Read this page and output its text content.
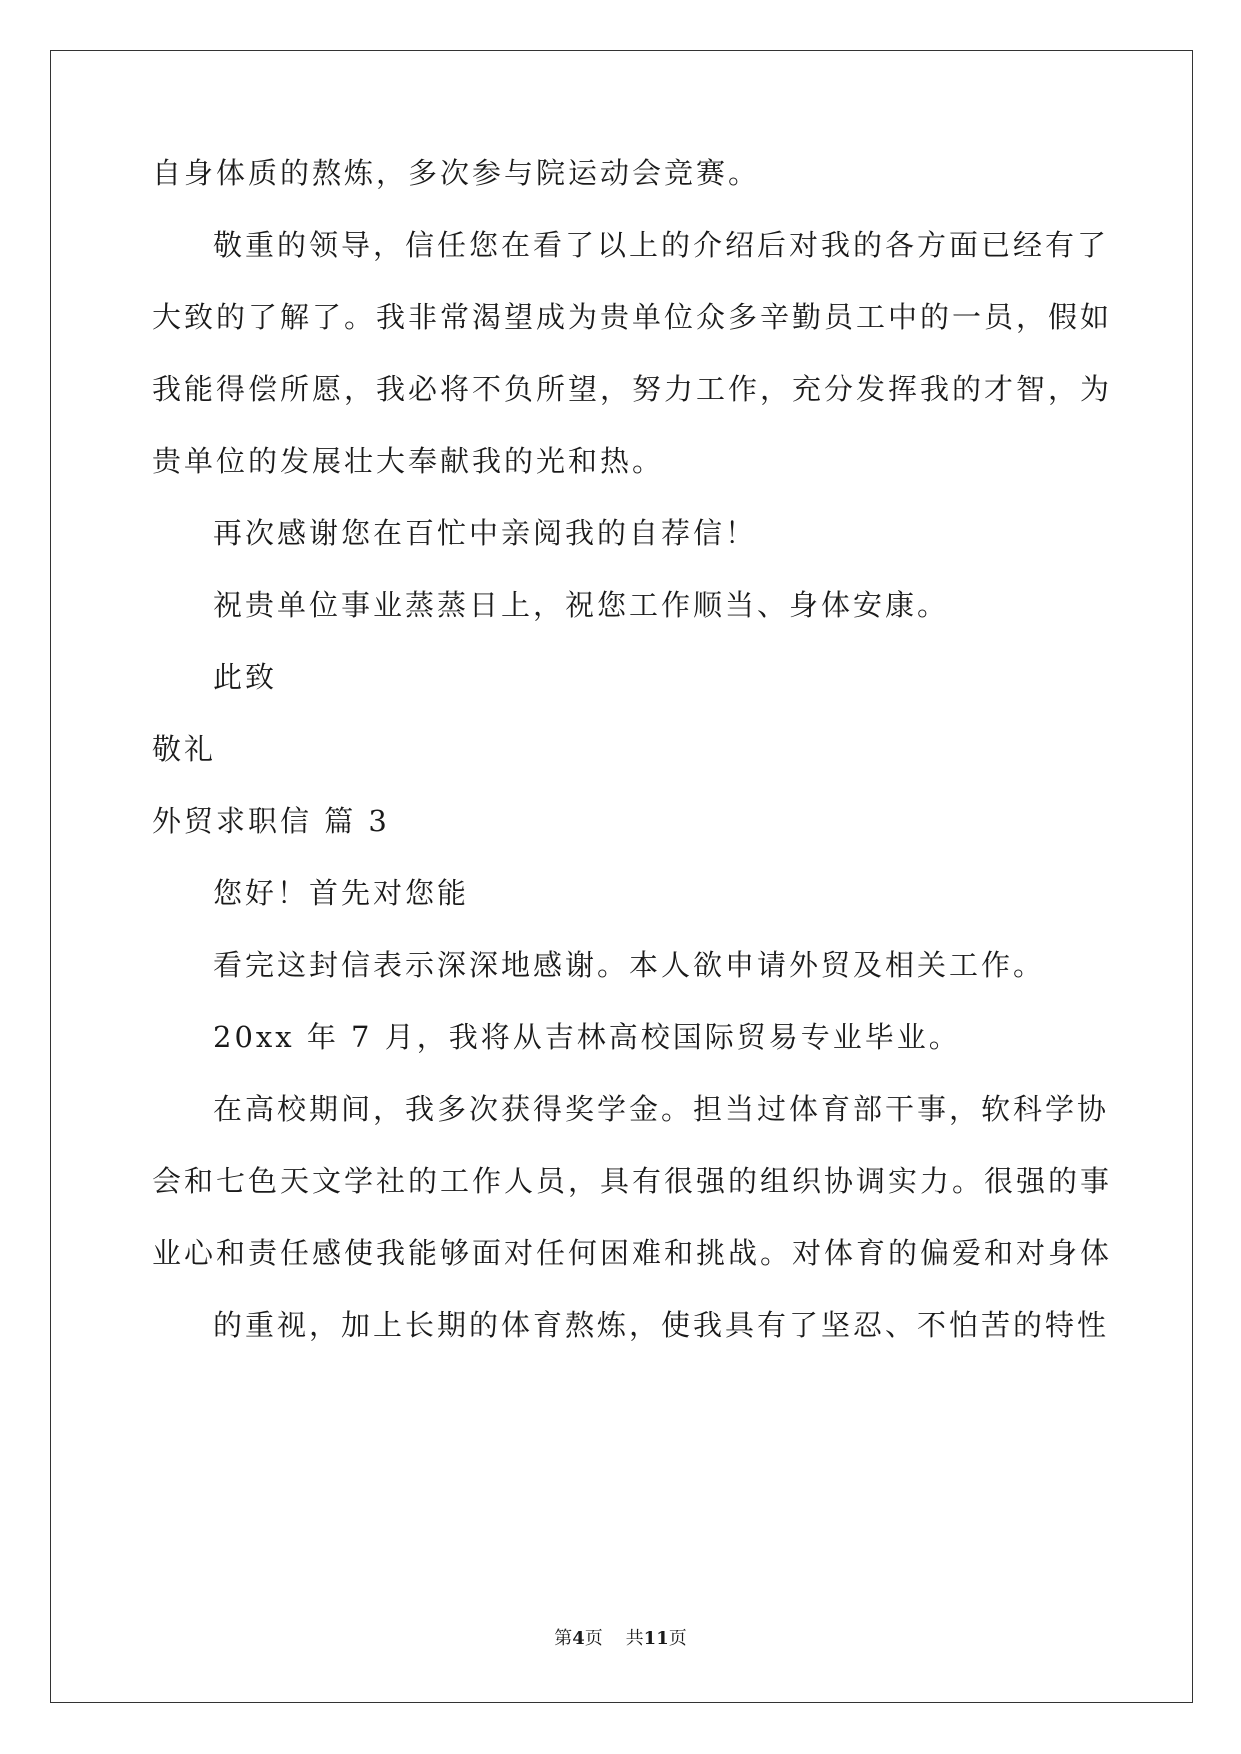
自身体质的熬炼，多次参与院运动会竞赛。
敬重的领导，信任您在看了以上的介绍后对我的各方面已经有了
大致的了解了。我非常渴望成为贵单位众多辛勤员工中的一员，假如
我能得偿所愿，我必将不负所望，努力工作，充分发挥我的才智，为
贵单位的发展壮大奉献我的光和热。
再次感谢您在百忙中亲阅我的自荐信！
祝贵单位事业蒸蒸日上，祝您工作顺当、身体安康。
此致
敬礼
外贸求职信 篇 3
您好！首先对您能
看完这封信表示深深地感谢。本人欲申请外贸及相关工作。
20xx 年 7 月，我将从吉林高校国际贸易专业毕业。
在高校期间，我多次获得奖学金。担当过体育部干事，软科学协
会和七色天文学社的工作人员，具有很强的组织协调实力。很强的事
业心和责任感使我能够面对任何困难和挑战。对体育的偏爱和对身体
的重视，加上长期的体育熬炼，使我具有了坚忍、不怕苦的特性
第4页    共11页
